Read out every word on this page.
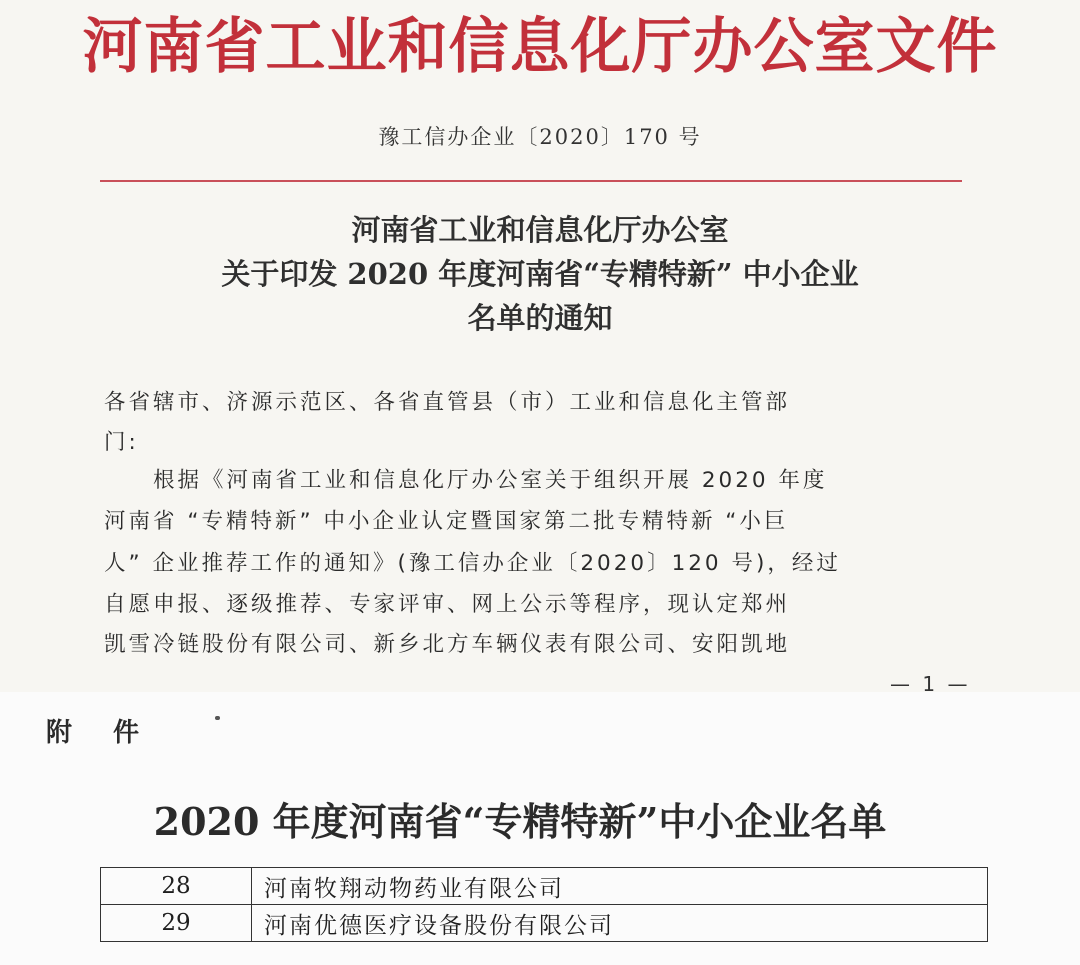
河南省工业和信息化厅办公室文件
豫工信办企业〔2020〕170 号
河南省工业和信息化厅办公室
关于印发 2020 年度河南省“专精特新” 中小企业
名单的通知
各省辖市、济源示范区、各省直管县（市）工业和信息化主管部
门:
　　根据《河南省工业和信息化厅办公室关于组织开展 2020 年度
河南省 “专精特新” 中小企业认定暨国家第二批专精特新 “小巨
人” 企业推荐工作的通知》(豫工信办企业〔2020〕120 号)，经过
自愿申报、逐级推荐、专家评审、网上公示等程序，现认定郑州
凯雪冷链股份有限公司、新乡北方车辆仪表有限公司、安阳凯地
— 1 —
附 件
2020 年度河南省“专精特新”中小企业名单
28	河南牧翔动物药业有限公司
29	河南优德医疗设备股份有限公司
